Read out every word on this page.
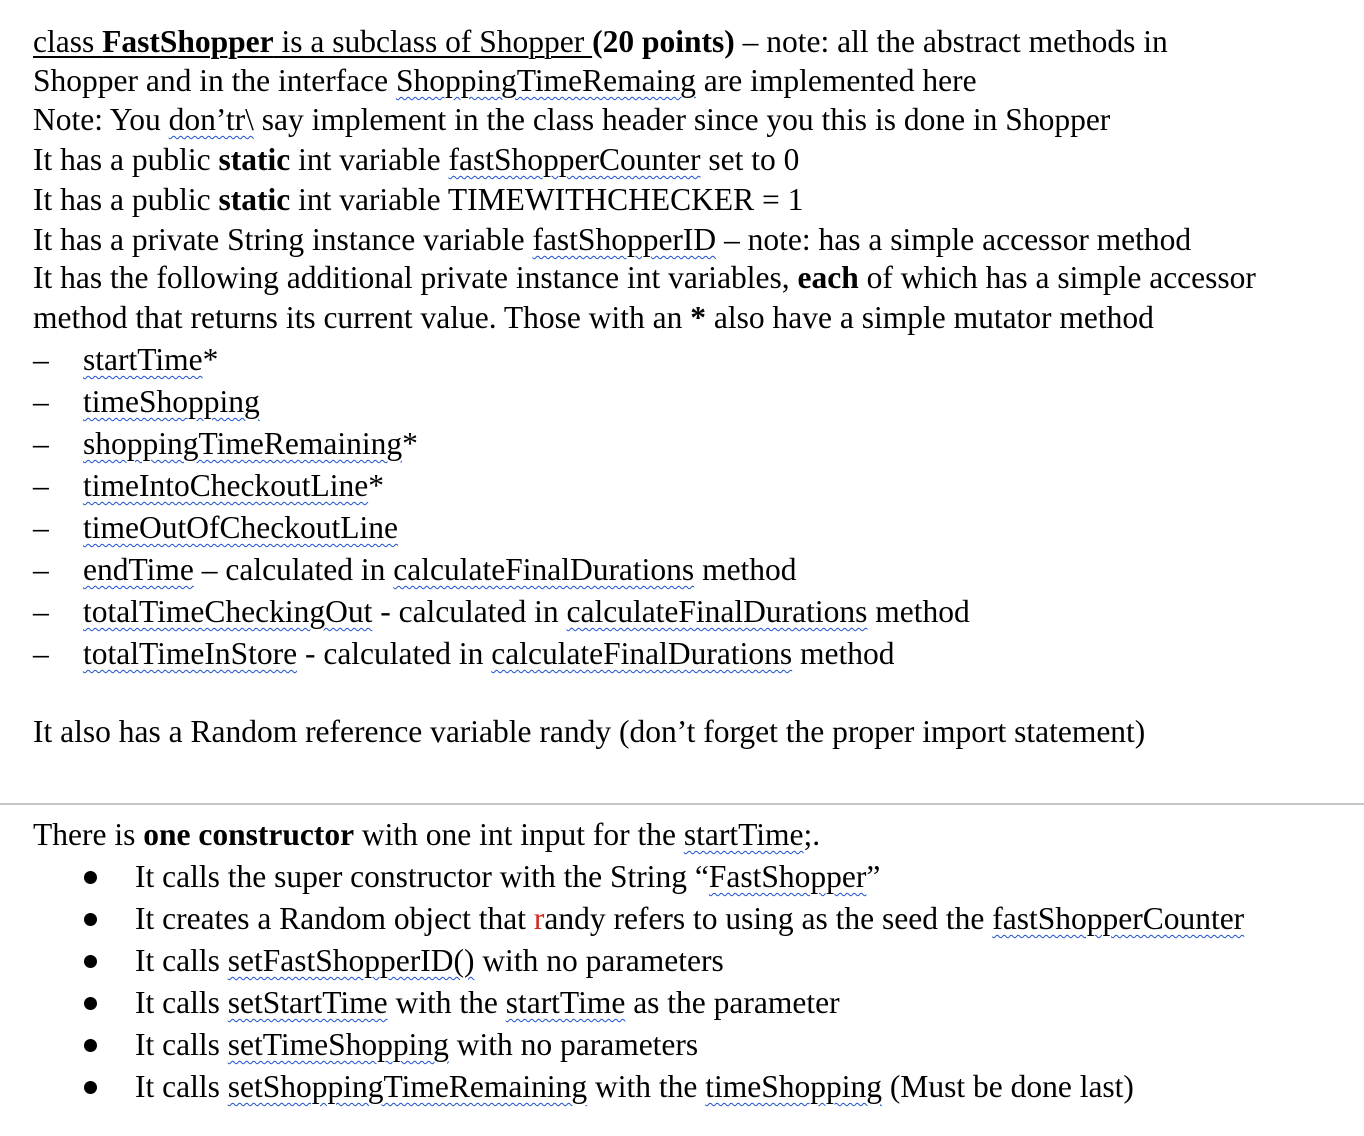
class FastShopper is a subclass of Shopper (20 points) – note: all the abstract methods in
Shopper and in the interface ShoppingTimeRemaing are implemented here
Note: You don’tr\ say implement in the class header since you this is done in Shopper
It has a public static int variable fastShopperCounter set to 0
It has a public static int variable TIMEWITHCHECKER = 1
It has a private String instance variable fastShopperID – note: has a simple accessor method
It has the following additional private instance int variables, each of which has a simple accessor
method that returns its current value. Those with an * also have a simple mutator method
– startTime*
– timeShopping
– shoppingTimeRemaining*
– timeIntoCheckoutLine*
– timeOutOfCheckoutLine
– endTime – calculated in calculateFinalDurations method
– totalTimeCheckingOut - calculated in calculateFinalDurations method
– totalTimeInStore - calculated in calculateFinalDurations method
It also has a Random reference variable randy (don’t forget the proper import statement)
There is one constructor with one int input for the startTime;.
It calls the super constructor with the String “FastShopper”
It creates a Random object that randy refers to using as the seed the fastShopperCounter
It calls setFastShopperID() with no parameters
It calls setStartTime with the startTime as the parameter
It calls setTimeShopping with no parameters
It calls setShoppingTimeRemaining with the timeShopping (Must be done last)
